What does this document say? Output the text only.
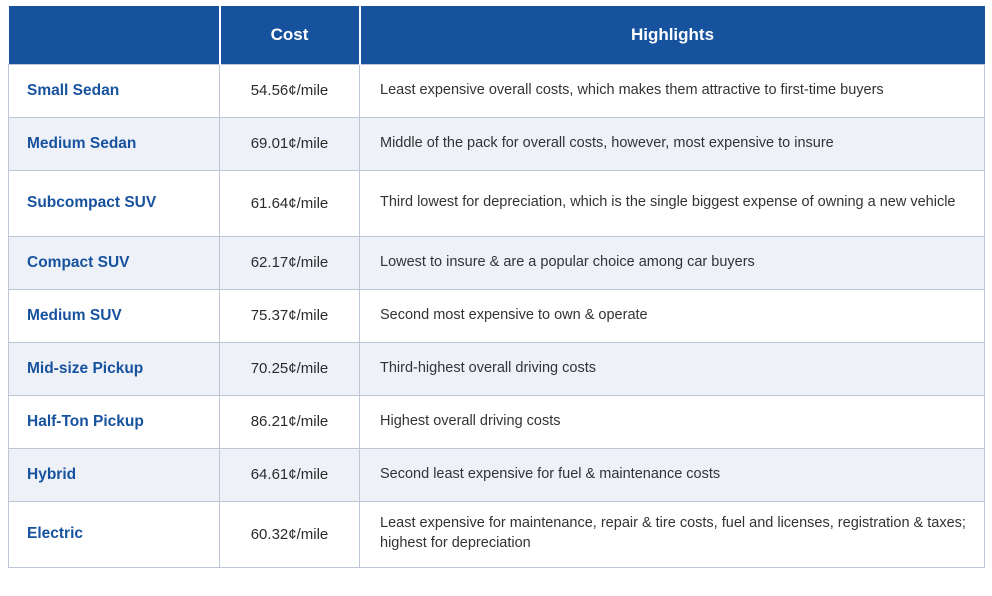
	Cost	Highlights
Small Sedan	54.56¢/mile	Least expensive overall costs, which makes them attractive to first-time buyers
Medium Sedan	69.01¢/mile	Middle of the pack for overall costs, however, most expensive to insure
Subcompact SUV	61.64¢/mile	Third lowest for depreciation, which is the single biggest expense of owning a new vehicle
Compact SUV	62.17¢/mile	Lowest to insure & are a popular choice among car buyers
Medium SUV	75.37¢/mile	Second most expensive to own & operate
Mid-size Pickup	70.25¢/mile	Third-highest overall driving costs
Half-Ton Pickup	86.21¢/mile	Highest overall driving costs
Hybrid	64.61¢/mile	Second least expensive for fuel & maintenance costs
Electric	60.32¢/mile	Least expensive for maintenance, repair & tire costs, fuel and licenses, registration & taxes; highest for depreciation
